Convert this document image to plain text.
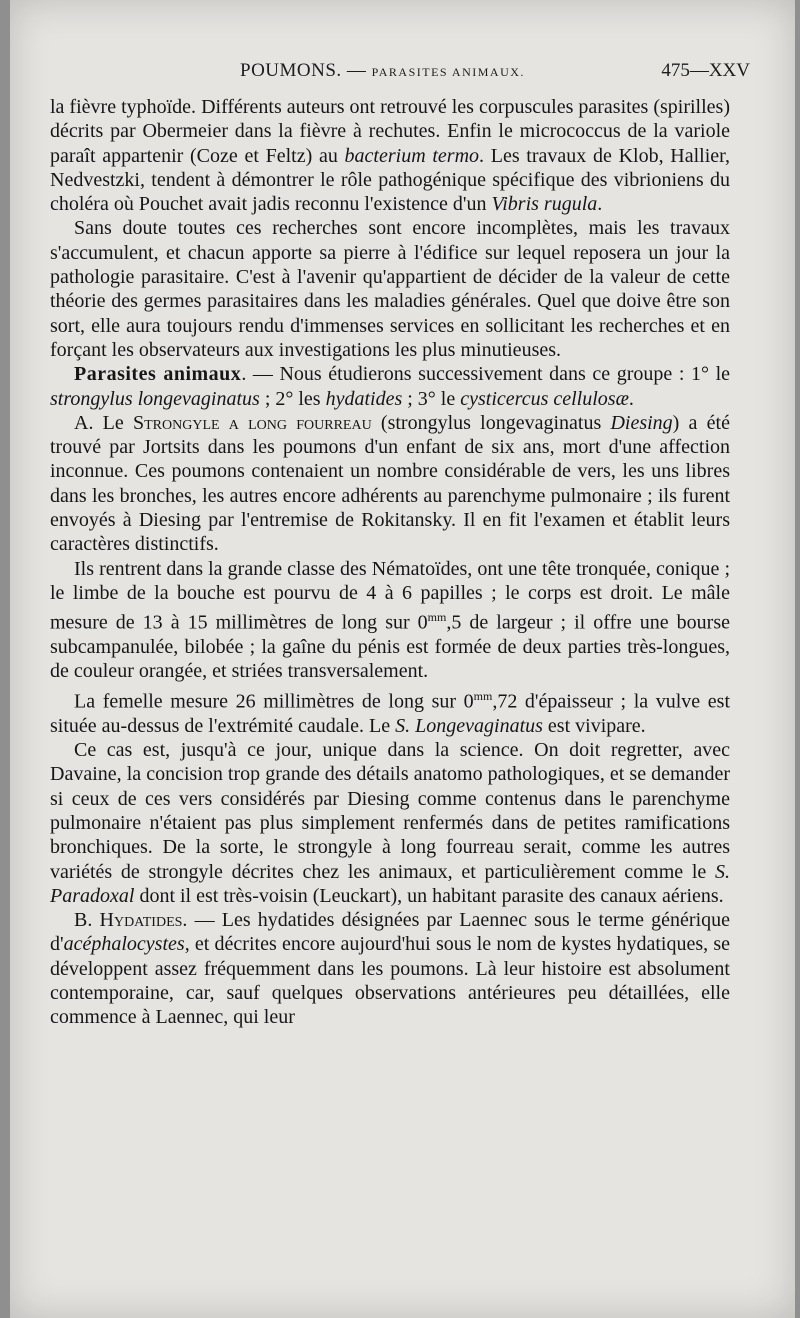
POUMONS. — PARASITES ANIMAUX.	475—XXV

la fièvre typhoïde. Différents auteurs ont retrouvé les corpuscules parasites (spirilles) décrits par Obermeier dans la fièvre à rechutes. Enfin le micrococcus de la variole paraît appartenir (Coze et Feltz) au bacterium termo. Les travaux de Klob, Hallier, Nedvestzki, tendent à démontrer le rôle pathogénique spécifique des vibrioniens du choléra où Pouchet avait jadis reconnu l'existence d'un Vibris rugula.

Sans doute toutes ces recherches sont encore incomplètes, mais les travaux s'accumulent, et chacun apporte sa pierre à l'édifice sur lequel reposera un jour la pathologie parasitaire. C'est à l'avenir qu'appartient de décider de la valeur de cette théorie des germes parasitaires dans les maladies générales. Quel que doive être son sort, elle aura toujours rendu d'immenses services en sollicitant les recherches et en forçant les observateurs aux investigations les plus minutieuses.

Parasites animaux. — Nous étudierons successivement dans ce groupe : 1° le strongylus longevaginatus ; 2° les hydatides ; 3° le cysticercus cellulosæ.

A. Le Strongyle a long fourreau (strongylus longevaginatus Diesing) a été trouvé par Jortsits dans les poumons d'un enfant de six ans, mort d'une affection inconnue. Ces poumons contenaient un nombre considérable de vers, les uns libres dans les bronches, les autres encore adhérents au parenchyme pulmonaire ; ils furent envoyés à Diesing par l'entremise de Rokitansky. Il en fit l'examen et établit leurs caractères distinctifs.

Ils rentrent dans la grande classe des Nématoïdes, ont une tête tronquée, conique ; le limbe de la bouche est pourvu de 4 à 6 papilles ; le corps est droit. Le mâle mesure de 13 à 15 millimètres de long sur $0^{mm},5$ de largeur ; il offre une bourse subcampanulée, bilobée ; la gaîne du pénis est formée de deux parties très-longues, de couleur orangée, et striées transversalement.

La femelle mesure 26 millimètres de long sur $0^{mm},72$ d'épaisseur ; la vulve est située au-dessus de l'extrémité caudale. Le S. Longevaginatus est vivipare.

Ce cas est, jusqu'à ce jour, unique dans la science. On doit regretter, avec Davaine, la concision trop grande des détails anatomo pathologiques, et se demander si ceux de ces vers considérés par Diesing comme contenus dans le parenchyme pulmonaire n'étaient pas plus simplement renfermés dans de petites ramifications bronchiques. De la sorte, le strongyle à long fourreau serait, comme les autres variétés de strongyle décrites chez les animaux, et particulièrement comme le S. Paradoxal dont il est très-voisin (Leuckart), un habitant parasite des canaux aériens.

B. Hydatides. — Les hydatides désignées par Laennec sous le terme générique d'acéphalocystes, et décrites encore aujourd'hui sous le nom de kystes hydatiques, se développent assez fréquemment dans les poumons. Là leur histoire est absolument contemporaine, car, sauf quelques observations antérieures peu détaillées, elle commence à Laennec, qui leur
